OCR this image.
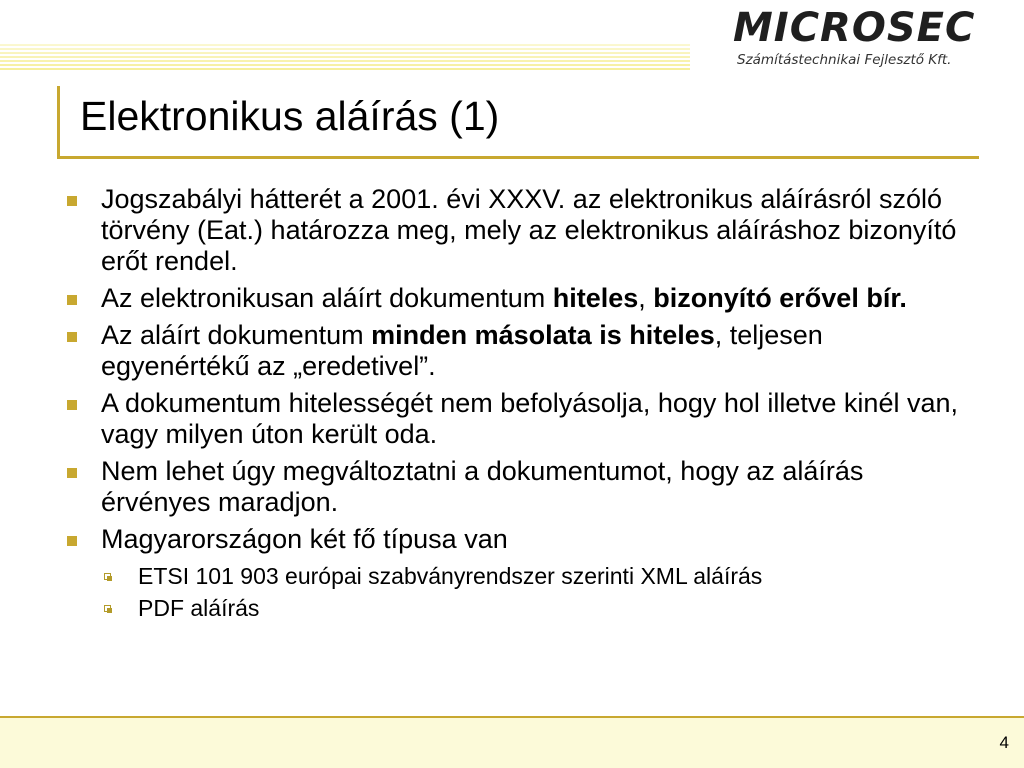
MICROSEC
Számítástechnikai Fejlesztő Kft.
Elektronikus aláírás (1)
Jogszabályi hátterét a 2001. évi XXXV. az elektronikus aláírásról szóló törvény (Eat.) határozza meg, mely az elektronikus aláíráshoz bizonyító erőt rendel.
Az elektronikusan aláírt dokumentum hiteles, bizonyító erővel bír.
Az aláírt dokumentum minden másolata is hiteles, teljesen egyenértékű az „eredetivel”.
A dokumentum hitelességét nem befolyásolja, hogy hol illetve kinél van, vagy milyen úton került oda.
Nem lehet úgy megváltoztatni a dokumentumot, hogy az aláírás érvényes maradjon.
Magyarországon két fő típusa van
ETSI 101 903 európai szabványrendszer szerinti XML aláírás
PDF aláírás
4
